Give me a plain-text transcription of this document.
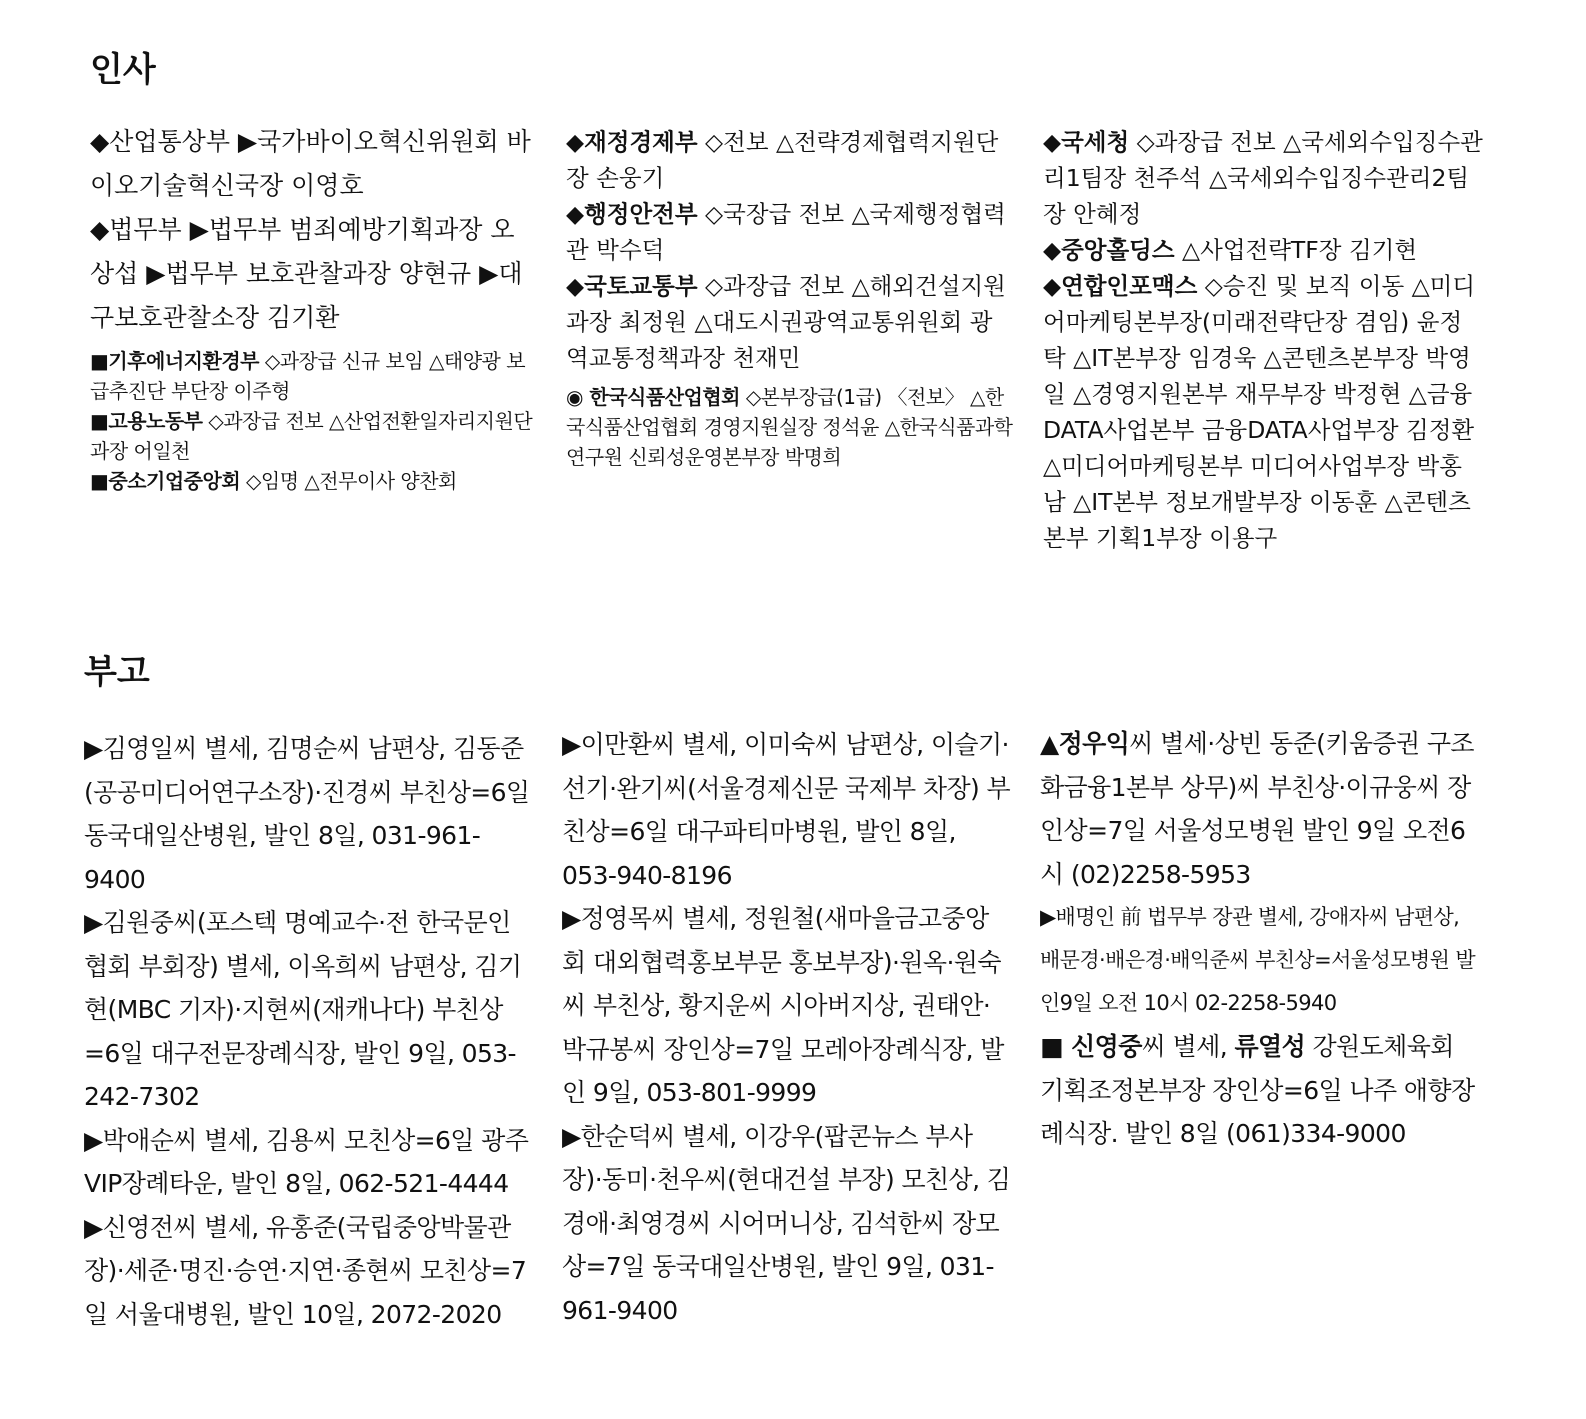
인사

◆산업통상부 ▶국가바이오혁신위원회 바이오기술혁신국장 이영호

◆법무부 ▶법무부 범죄예방기획과장 오상섭 ▶법무부 보호관찰과장 양현규 ▶대구보호관찰소장 김기환

■기후에너지환경부 ◇과장급 신규 보임 △태양광 보급추진단 부단장 이주형

■고용노동부 ◇과장급 전보 △산업전환일자리지원단 과장 어일천

■중소기업중앙회 ◇임명 △전무이사 양찬회

◆재정경제부 ◇전보 △전략경제협력지원단장 손웅기

◆행정안전부 ◇국장급 전보 △국제행정협력관 박수덕

◆국토교통부 ◇과장급 전보 △해외건설지원과장 최정원 △대도시권광역교통위원회 광역교통정책과장 천재민

◉ 한국식품산업협회 ◇본부장급(1급) 〈전보〉 △한국식품산업협회 경영지원실장 정석윤 △한국식품과학연구원 신뢰성운영본부장 박명희

◆국세청 ◇과장급 전보 △국세외수입징수관리1팀장 천주석 △국세외수입징수관리2팀장 안혜정

◆중앙홀딩스 △사업전략TF장 김기현

◆연합인포맥스 ◇승진 및 보직 이동 △미디어마케팅본부장(미래전략단장 겸임) 윤정탁 △IT본부장 임경욱 △콘텐츠본부장 박영일 △경영지원본부 재무부장 박정현 △금융DATA사업본부 금융DATA사업부장 김정환 △미디어마케팅본부 미디어사업부장 박홍남 △IT본부 정보개발부장 이동훈 △콘텐츠본부 기획1부장 이용구

부고

▶김영일씨 별세, 김명순씨 남편상, 김동준(공공미디어연구소장)·진경씨 부친상=6일 동국대일산병원, 발인 8일, 031-961-9400

▶김원중씨(포스텍 명예교수·전 한국문인협회 부회장) 별세, 이옥희씨 남편상, 김기현(MBC 기자)·지현씨(재캐나다) 부친상=6일 대구전문장례식장, 발인 9일, 053-242-7302

▶박애순씨 별세, 김용씨 모친상=6일 광주VIP장례타운, 발인 8일, 062-521-4444

▶신영전씨 별세, 유홍준(국립중앙박물관장)·세준·명진·승연·지연·종현씨 모친상=7일 서울대병원, 발인 10일, 2072-2020

▶이만환씨 별세, 이미숙씨 남편상, 이슬기·선기·완기씨(서울경제신문 국제부 차장) 부친상=6일 대구파티마병원, 발인 8일, 053-940-8196

▶정영목씨 별세, 정원철(새마을금고중앙회 대외협력홍보부문 홍보부장)·원옥·원숙씨 부친상, 황지운씨 시아버지상, 권태안·박규봉씨 장인상=7일 모레아장례식장, 발인 9일, 053-801-9999

▶한순덕씨 별세, 이강우(팝콘뉴스 부사장)·동미·천우씨(현대건설 부장) 모친상, 김경애·최영경씨 시어머니상, 김석한씨 장모상=7일 동국대일산병원, 발인 9일, 031-961-9400

▲정우익씨 별세·상빈 동준(키움증권 구조화금융1본부 상무)씨 부친상·이규웅씨 장인상=7일 서울성모병원 발인 9일 오전6시 (02)2258-5953

▶배명인 前 법무부 장관 별세, 강애자씨 남편상, 배문경·배은경·배익준씨 부친상=서울성모병원 발인9일 오전 10시 02-2258-5940

■ 신영중씨 별세, 류열성 강원도체육회 기획조정본부장 장인상=6일 나주 애향장례식장. 발인 8일 (061)334-9000
